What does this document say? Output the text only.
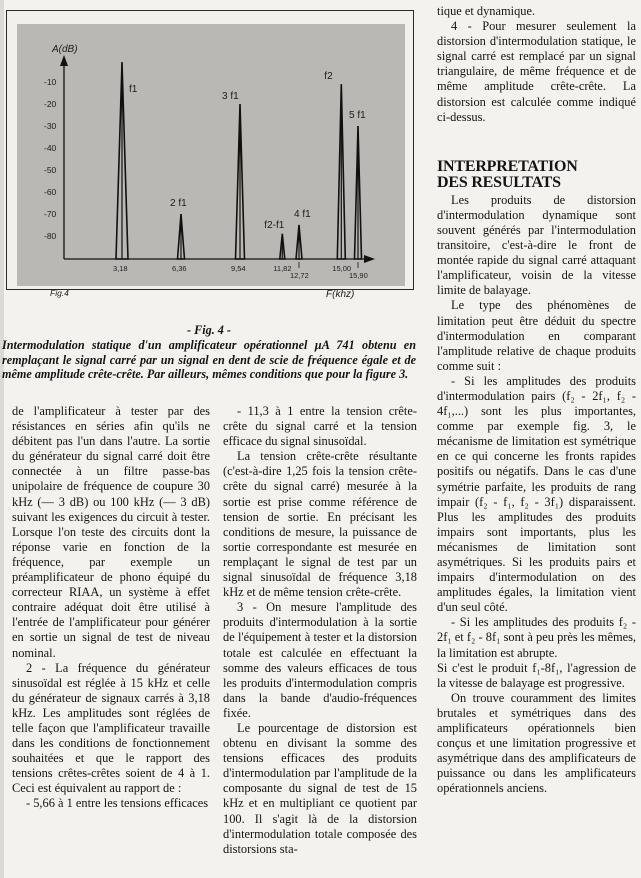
-10
-20
-30
-40
-50
-60
-70
-80
3,18	6,36	9,54	11,82
12,72
15,00
15,90
f1
2 f1
3 f1
f2-f1
4 f1
f2
5 f1
A(dB)
F(khz)
Fig.4
- Fig. 4 -
Intermodulation statique d'un amplificateur opérationnel µA 741 obtenu en remplaçant le signal carré par un signal en dent de scie de fréquence égale et de même amplitude crête-crête. Par ailleurs, mêmes conditions que pour la figure 3.

de l'amplificateur à tester par des résistances en séries afin qu'ils ne débitent pas l'un dans l'autre. La sortie du générateur du signal carré doit être connectée à un filtre passe-bas unipolaire de fréquence de coupure 30 kHz (— 3 dB) ou 100 kHz (— 3 dB) suivant les exigences du circuit à tester. Lorsque l'on teste des circuits dont la réponse varie en fonction de la fréquence, par exemple un préamplificateur de phono équipé du correcteur RIAA, un système à effet contraire adéquat doit être utilisé à l'entrée de l'amplificateur pour générer en sortie un signal de test de niveau nominal.

2 - La fréquence du générateur sinusoïdal est réglée à 15 kHz et celle du générateur de signaux carrés à 3,18 kHz. Les amplitudes sont réglées de telle façon que l'amplificateur travaille dans les conditions de fonctionnement souhaitées et que le rapport des tensions crêtes-crêtes soient de 4 à 1. Ceci est équivalent au rapport de :

- 5,66 à 1 entre les tensions efficaces

- 11,3 à 1 entre la tension crête-crête du signal carré et la tension efficace du signal sinusoïdal.

La tension crête-crête résultante (c'est-à-dire 1,25 fois la tension crête-crête du signal carré) mesurée à la sortie est prise comme référence de tension de sortie. En précisant les conditions de mesure, la puissance de sortie correspondante est mesurée en remplaçant le signal de test par un signal sinusoïdal de fréquence 3,18 kHz et de même tension crête-crête.

3 - On mesure l'amplitude des produits d'intermodulation à la sortie de l'équipement à tester et la distorsion totale est calculée en effectuant la somme des valeurs efficaces de tous les produits d'intermodulation compris dans la bande d'audio-fréquences fixée.

Le pourcentage de distorsion est obtenu en divisant la somme des tensions efficaces des produits d'intermodulation par l'amplitude de la composante du signal de test de 15 kHz et en multipliant ce quotient par 100. Il s'agit là de la distorsion d'intermodulation totale composée des distorsions sta-

tique et dynamique.

4 - Pour mesurer seulement la distorsion d'intermodulation statique, le signal carré est remplacé par un signal triangulaire, de même fréquence et de même amplitude crête-crête. La distorsion est calculée comme indiqué ci-dessus.

INTERPRETATION
DES RESULTATS

Les produits de distorsion d'intermodulation dynamique sont souvent générés par l'intermodulation transitoire, c'est-à-dire le front de montée rapide du signal carré attaquant l'amplificateur, voisin de la vitesse limite de balayage.

Le type des phénomènes de limitation peut être déduit du spectre d'intermodulation en comparant l'amplitude relative de chaque produits comme suit :

- Si les amplitudes des produits d'intermodulation pairs (f₂ - 2f₁, f₂ - 4f₁,...) sont les plus importantes, comme par exemple fig. 3, le mécanisme de limitation est symétrique en ce qui concerne les fronts rapides positifs ou négatifs. Dans le cas d'une symétrie parfaite, les produits de rang impair (f₂ - f₁, f₂ - 3f₁) disparaissent. Plus les amplitudes des produits impairs sont importants, plus les mécanismes de limitation sont asymétriques. Si les produits pairs et impairs d'intermodulation on des amplitudes égales, la limitation vient d'un seul côté.

- Si les amplitudes des produits f₂ - 2f₁ et f₂ - 8f₁ sont à peu près les mêmes, la limitation est abrupte.

Si c'est le produit f₁-8f₁, l'agression de la vitesse de balayage est progressive.

On trouve couramment des limites brutales et symétriques dans des amplificateurs opérationnels bien conçus et une limitation progressive et asymétrique dans des amplificateurs de puissance ou dans les amplificateurs opérationnels anciens.
